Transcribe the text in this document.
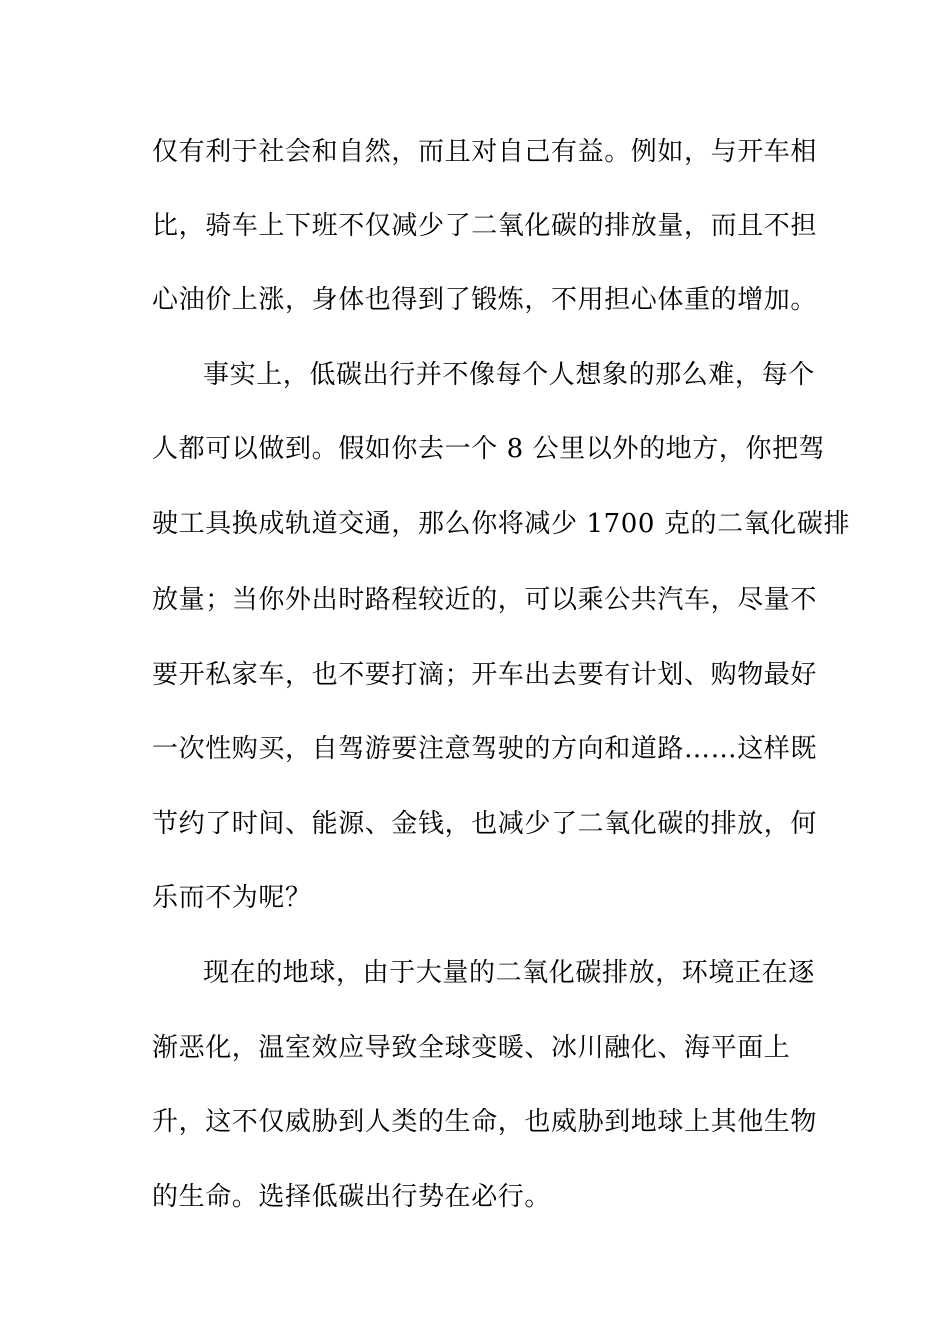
仅有利于社会和自然，而且对自己有益。例如，与开车相
比，骑车上下班不仅减少了二氧化碳的排放量，而且不担
心油价上涨，身体也得到了锻炼，不用担心体重的增加。
事实上，低碳出行并不像每个人想象的那么难，每个
人都可以做到。假如你去一个 8 公里以外的地方，你把驾
驶工具换成轨道交通，那么你将减少 1700 克的二氧化碳排
放量；当你外出时路程较近的，可以乘公共汽车，尽量不
要开私家车，也不要打滴；开车出去要有计划、购物最好
一次性购买，自驾游要注意驾驶的方向和道路……这样既
节约了时间、能源、金钱，也减少了二氧化碳的排放，何
乐而不为呢？
现在的地球，由于大量的二氧化碳排放，环境正在逐
渐恶化，温室效应导致全球变暖、冰川融化、海平面上
升，这不仅威胁到人类的生命，也威胁到地球上其他生物
的生命。选择低碳出行势在必行。
